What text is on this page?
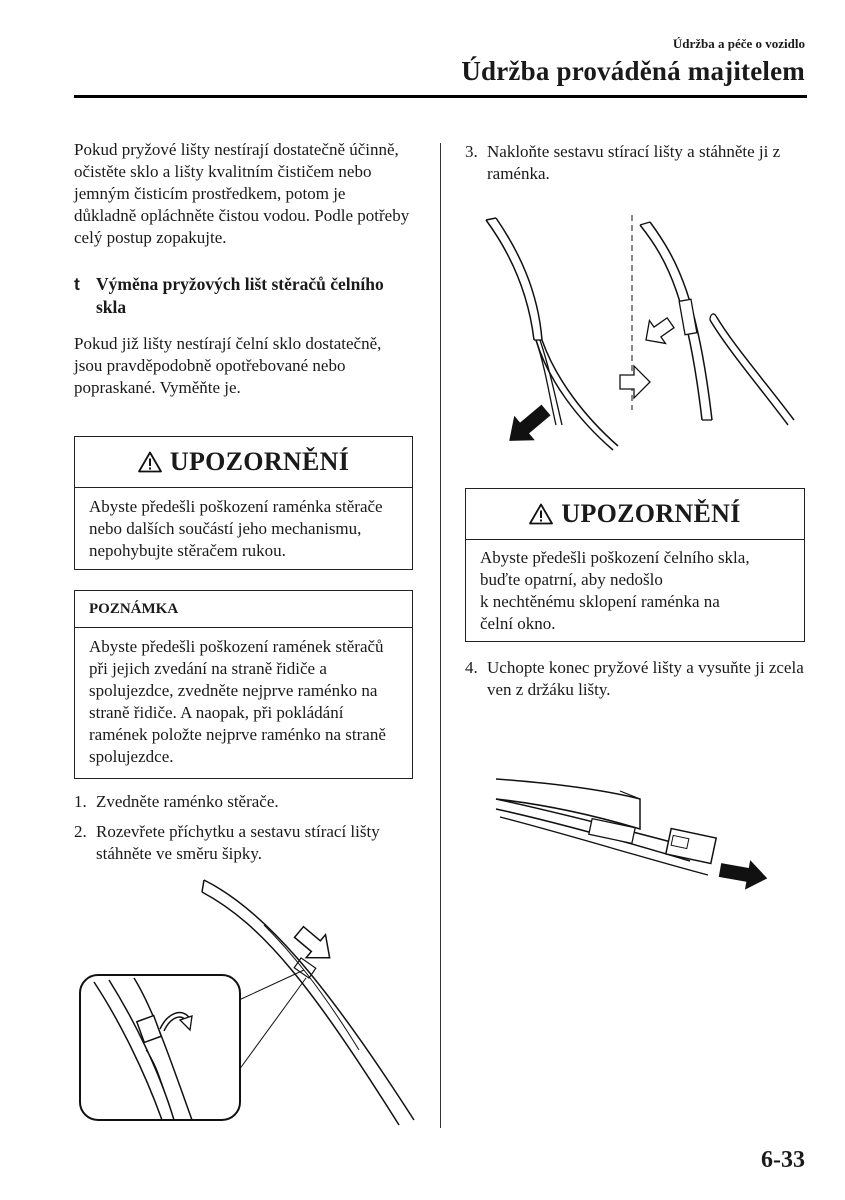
Údržba a péče o vozidlo
Údržba prováděná majitelem
Pokud pryžové lišty nestírají dostatečně účinně, očistěte sklo a lišty kvalitním čističem nebo jemným čisticím prostředkem, potom je důkladně opláchněte čistou vodou. Podle potřeby celý postup zopakujte.
t Výměna pryžových lišt stěračů čelního skla
Pokud již lišty nestírají čelní sklo dostatečně, jsou pravděpodobně opotřebované nebo popraskané. Vyměňte je.
UPOZORNĚNÍ
Abyste předešli poškození raménka stěrače nebo dalších součástí jeho mechanismu, nepohybujte stěračem rukou.
POZNÁMKA
Abyste předešli poškození ramének stěračů při jejich zvedání na straně řidiče a spolujezdce, zvedněte nejprve raménko na straně řidiče. A naopak, při pokládání ramének položte nejprve raménko na straně spolujezdce.
1. Zvedněte raménko stěrače.
2. Rozevřete příchytku a sestavu stírací lišty stáhněte ve směru šipky.
3. Nakloňte sestavu stírací lišty a stáhněte ji z raménka.
UPOZORNĚNÍ
Abyste předešli poškození čelního skla,
buďte opatrní, aby nedošlo
k nechtěnému sklopení raménka na
čelní okno.
4. Uchopte konec pryžové lišty a vysuňte ji zcela ven z držáku lišty.
6-33
